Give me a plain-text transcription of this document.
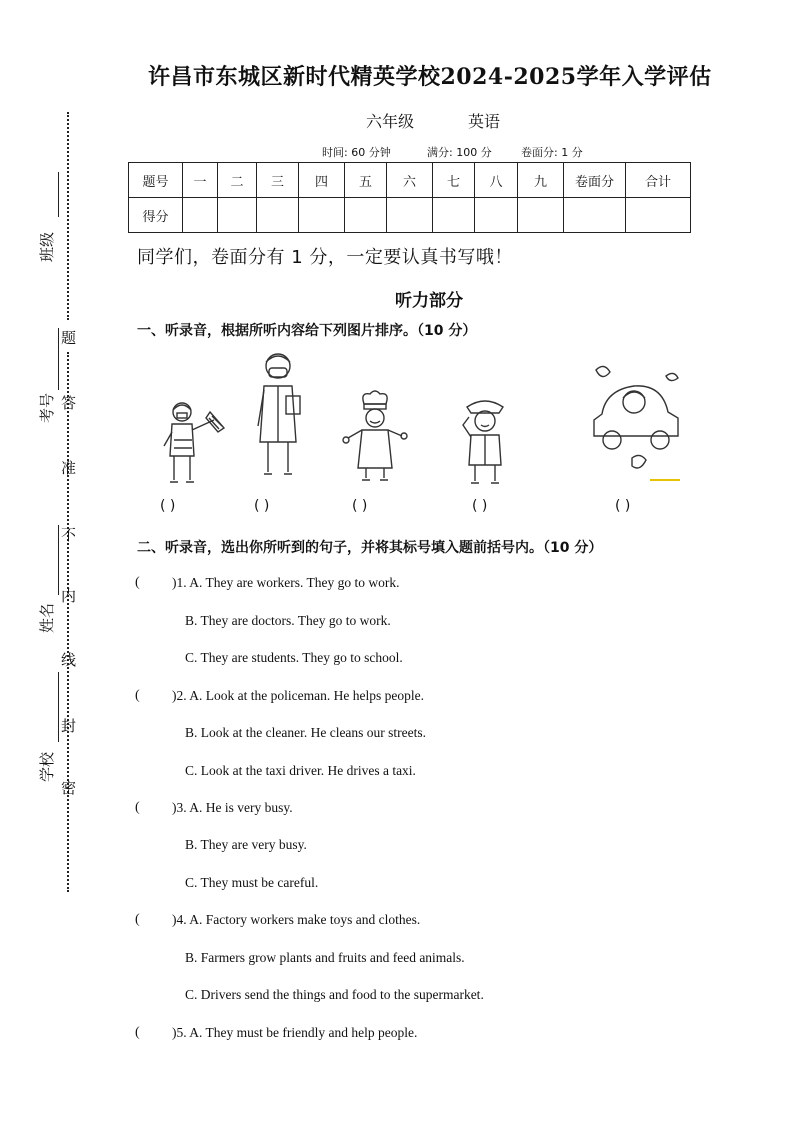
题
答
准
不
内
线
封
密
班级
考号
姓名
学校
许昌市东城区新时代精英学校2024-2025学年入学评估
六年级	英语
时间: 60 分钟	满分: 100 分	卷面分: 1 分
题号	一	二	三	四	五	六	七	八	九	卷面分	合计
得分											
同学们，卷面分有 1 分，一定要认真书写哦！
听力部分
一、听录音，根据所听内容给下列图片排序。（10 分）
( )	( )	( )	( )	( )
二、听录音，选出你所听到的句子，并将其标号填入题前括号内。（10 分）
( )1. A. They are workers. They go to work.
B. They are doctors. They go to work.
C. They are students. They go to school.
( )2. A. Look at the policeman. He helps people.
B. Look at the cleaner. He cleans our streets.
C. Look at the taxi driver. He drives a taxi.
( )3. A. He is very busy.
B. They are very busy.
C. They must be careful.
( )4. A. Factory workers make toys and clothes.
B. Farmers grow plants and fruits and feed animals.
C. Drivers send the things and food to the supermarket.
( )5. A. They must be friendly and help people.
